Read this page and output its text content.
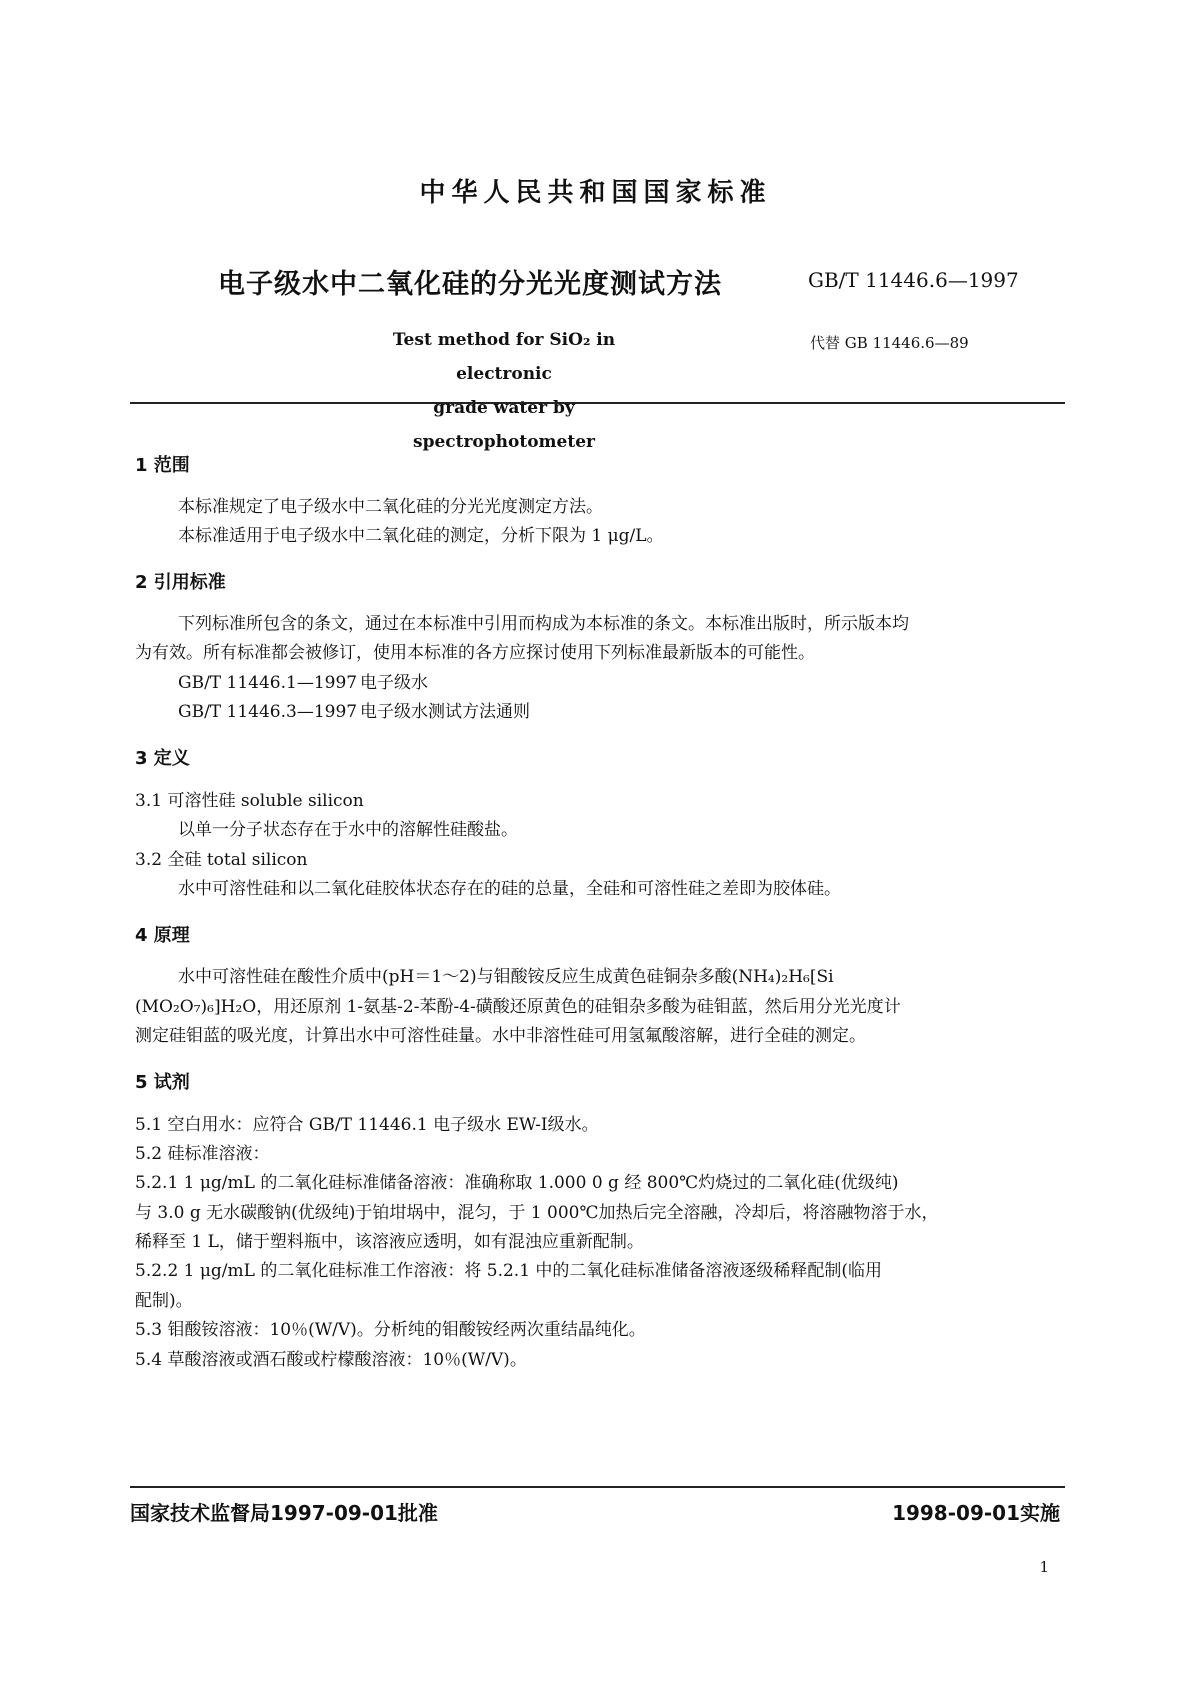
中华人民共和国国家标准
电子级水中二氧化硅的分光光度测试方法	GB/T 11446.6—1997
Test method for SiO₂ in electronic
grade water by spectrophotometer
代替 GB 11446.6—89
1 范围
本标准规定了电子级水中二氧化硅的分光光度测定方法。
本标准适用于电子级水中二氧化硅的测定，分析下限为 1 μg/L。
2 引用标准
下列标准所包含的条文，通过在本标准中引用而构成为本标准的条文。本标准出版时，所示版本均
为有效。所有标准都会被修订，使用本标准的各方应探讨使用下列标准最新版本的可能性。
GB/T 11446.1—1997 电子级水
GB/T 11446.3—1997 电子级水测试方法通则
3 定义
3.1 可溶性硅 soluble silicon
以单一分子状态存在于水中的溶解性硅酸盐。
3.2 全硅 total silicon
水中可溶性硅和以二氧化硅胶体状态存在的硅的总量，全硅和可溶性硅之差即为胶体硅。
4 原理
水中可溶性硅在酸性介质中(pH＝1～2)与钼酸铵反应生成黄色硅铜杂多酸(NH₄)₂H₆[Si
(MO₂O₇)₆]H₂O，用还原剂 1-氨基-2-苯酚-4-磺酸还原黄色的硅钼杂多酸为硅钼蓝，然后用分光光度计
测定硅钼蓝的吸光度，计算出水中可溶性硅量。水中非溶性硅可用氢氟酸溶解，进行全硅的测定。
5 试剂
5.1 空白用水：应符合 GB/T 11446.1 电子级水 EW-Ⅰ级水。
5.2 硅标准溶液：
5.2.1 1 μg/mL 的二氧化硅标准储备溶液：准确称取 1.000 0 g 经 800℃灼烧过的二氧化硅(优级纯)
与 3.0 g 无水碳酸钠(优级纯)于铂坩埚中，混匀，于 1 000℃加热后完全溶融，冷却后，将溶融物溶于水，
稀释至 1 L，储于塑料瓶中，该溶液应透明，如有混浊应重新配制。
5.2.2 1 μg/mL 的二氧化硅标准工作溶液：将 5.2.1 中的二氧化硅标准储备溶液逐级稀释配制(临用
配制)。
5.3 钼酸铵溶液：10％(W/V)。分析纯的钼酸铵经两次重结晶纯化。
5.4 草酸溶液或酒石酸或柠檬酸溶液：10％(W/V)。
国家技术监督局1997-09-01批准	1998-09-01实施
1
